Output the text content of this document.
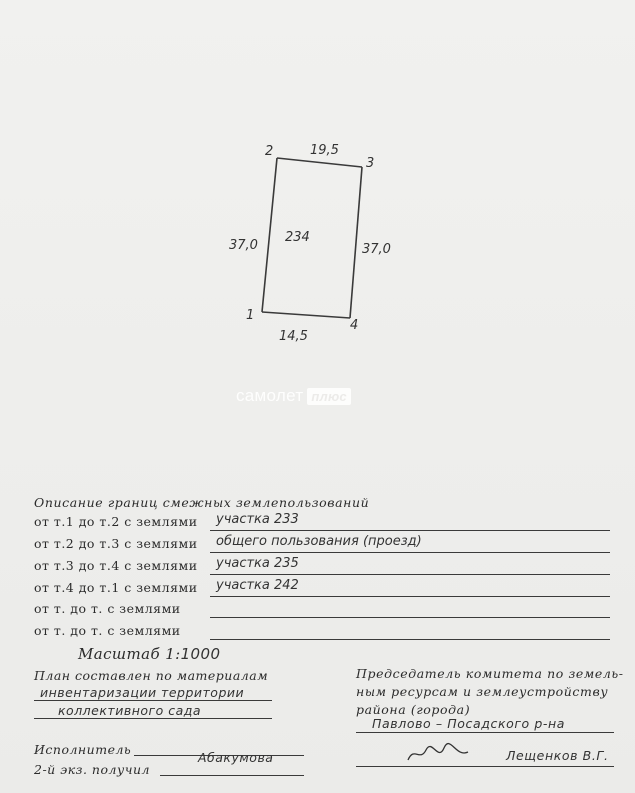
2
3
1
4
19,5
14,5
37,0	37,0
234
самолет плюс
Описание границ смежных землепользований
от т.1 до т.2 с землями участка 233
от т.2 до т.3 с землями общего пользования (проезд)
от т.3 до т.4 с землями участка 235
от т.4 до т.1 с землями участка 242
от т. до т. с землями
от т. до т. с землями
Масштаб 1:1000
План составлен по материалам
инвентаризации территории
коллективного сада
Председатель комитета по земель-
ным ресурсам и землеустройству
района (города)
Павлово – Посадского р-на
Лещенков В.Г.
Исполнитель
Абакумова
2-й экз. получил
